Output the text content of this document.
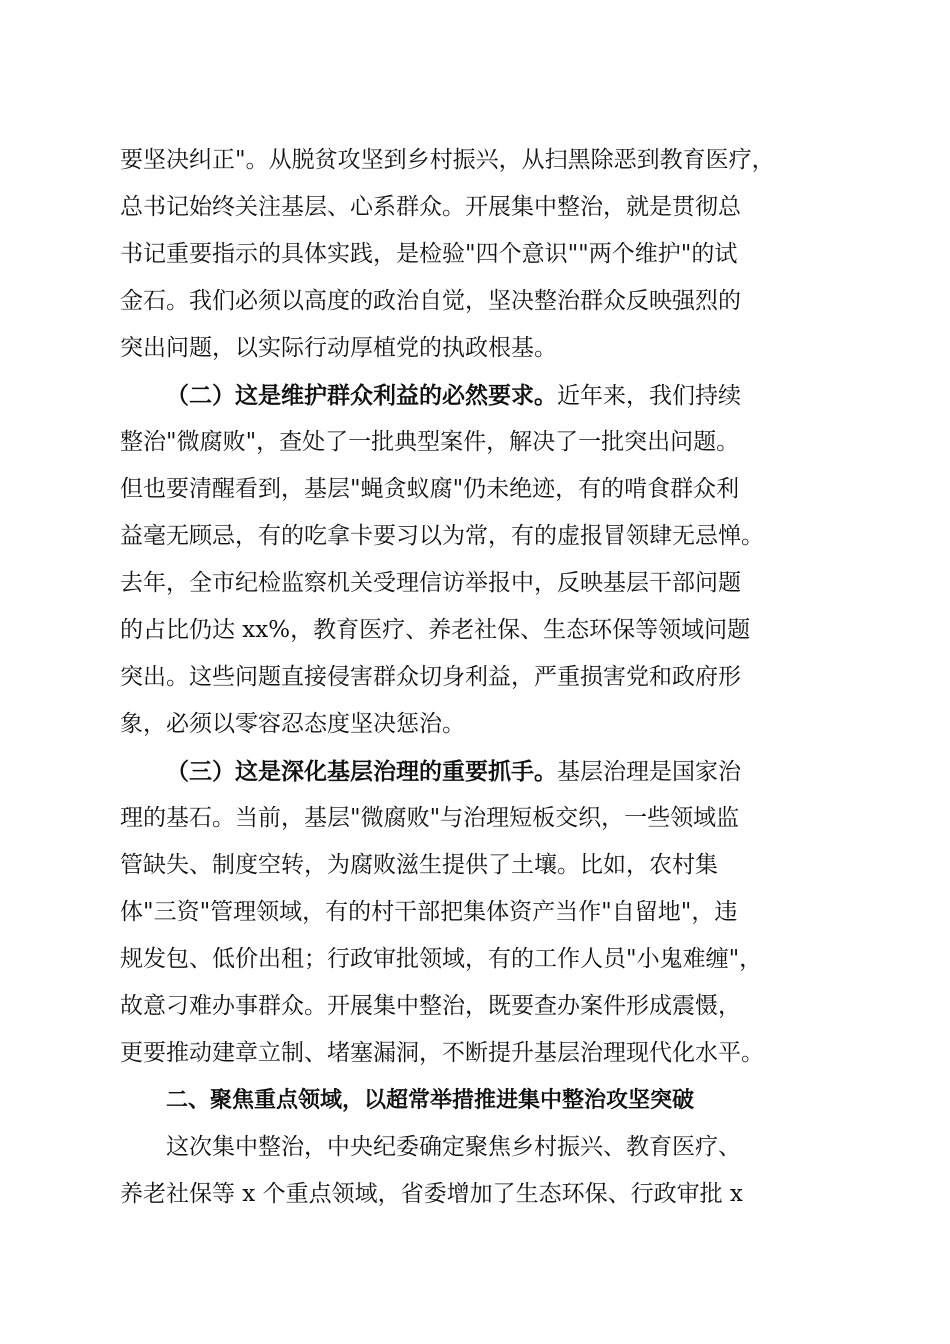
要坚决纠正"。从脱贫攻坚到乡村振兴，从扫黑除恶到教育医疗，
总书记始终关注基层、心系群众。开展集中整治，就是贯彻总
书记重要指示的具体实践，是检验"四个意识""两个维护"的试
金石。我们必须以高度的政治自觉，坚决整治群众反映强烈的
突出问题，以实际行动厚植党的执政根基。
（二）这是维护群众利益的必然要求。近年来，我们持续
整治"微腐败"，查处了一批典型案件，解决了一批突出问题。
但也要清醒看到，基层"蝇贪蚁腐"仍未绝迹，有的啃食群众利
益毫无顾忌，有的吃拿卡要习以为常，有的虚报冒领肆无忌惮。
去年，全市纪检监察机关受理信访举报中，反映基层干部问题
的占比仍达 xx%，教育医疗、养老社保、生态环保等领域问题
突出。这些问题直接侵害群众切身利益，严重损害党和政府形
象，必须以零容忍态度坚决惩治。
（三）这是深化基层治理的重要抓手。基层治理是国家治
理的基石。当前，基层"微腐败"与治理短板交织，一些领域监
管缺失、制度空转，为腐败滋生提供了土壤。比如，农村集
体"三资"管理领域，有的村干部把集体资产当作"自留地"，违
规发包、低价出租；行政审批领域，有的工作人员"小鬼难缠"，
故意刁难办事群众。开展集中整治，既要查办案件形成震慑，
更要推动建章立制、堵塞漏洞，不断提升基层治理现代化水平。
二、聚焦重点领域，以超常举措推进集中整治攻坚突破
这次集中整治，中央纪委确定聚焦乡村振兴、教育医疗、
养老社保等 x 个重点领域，省委增加了生态环保、行政审批 x
